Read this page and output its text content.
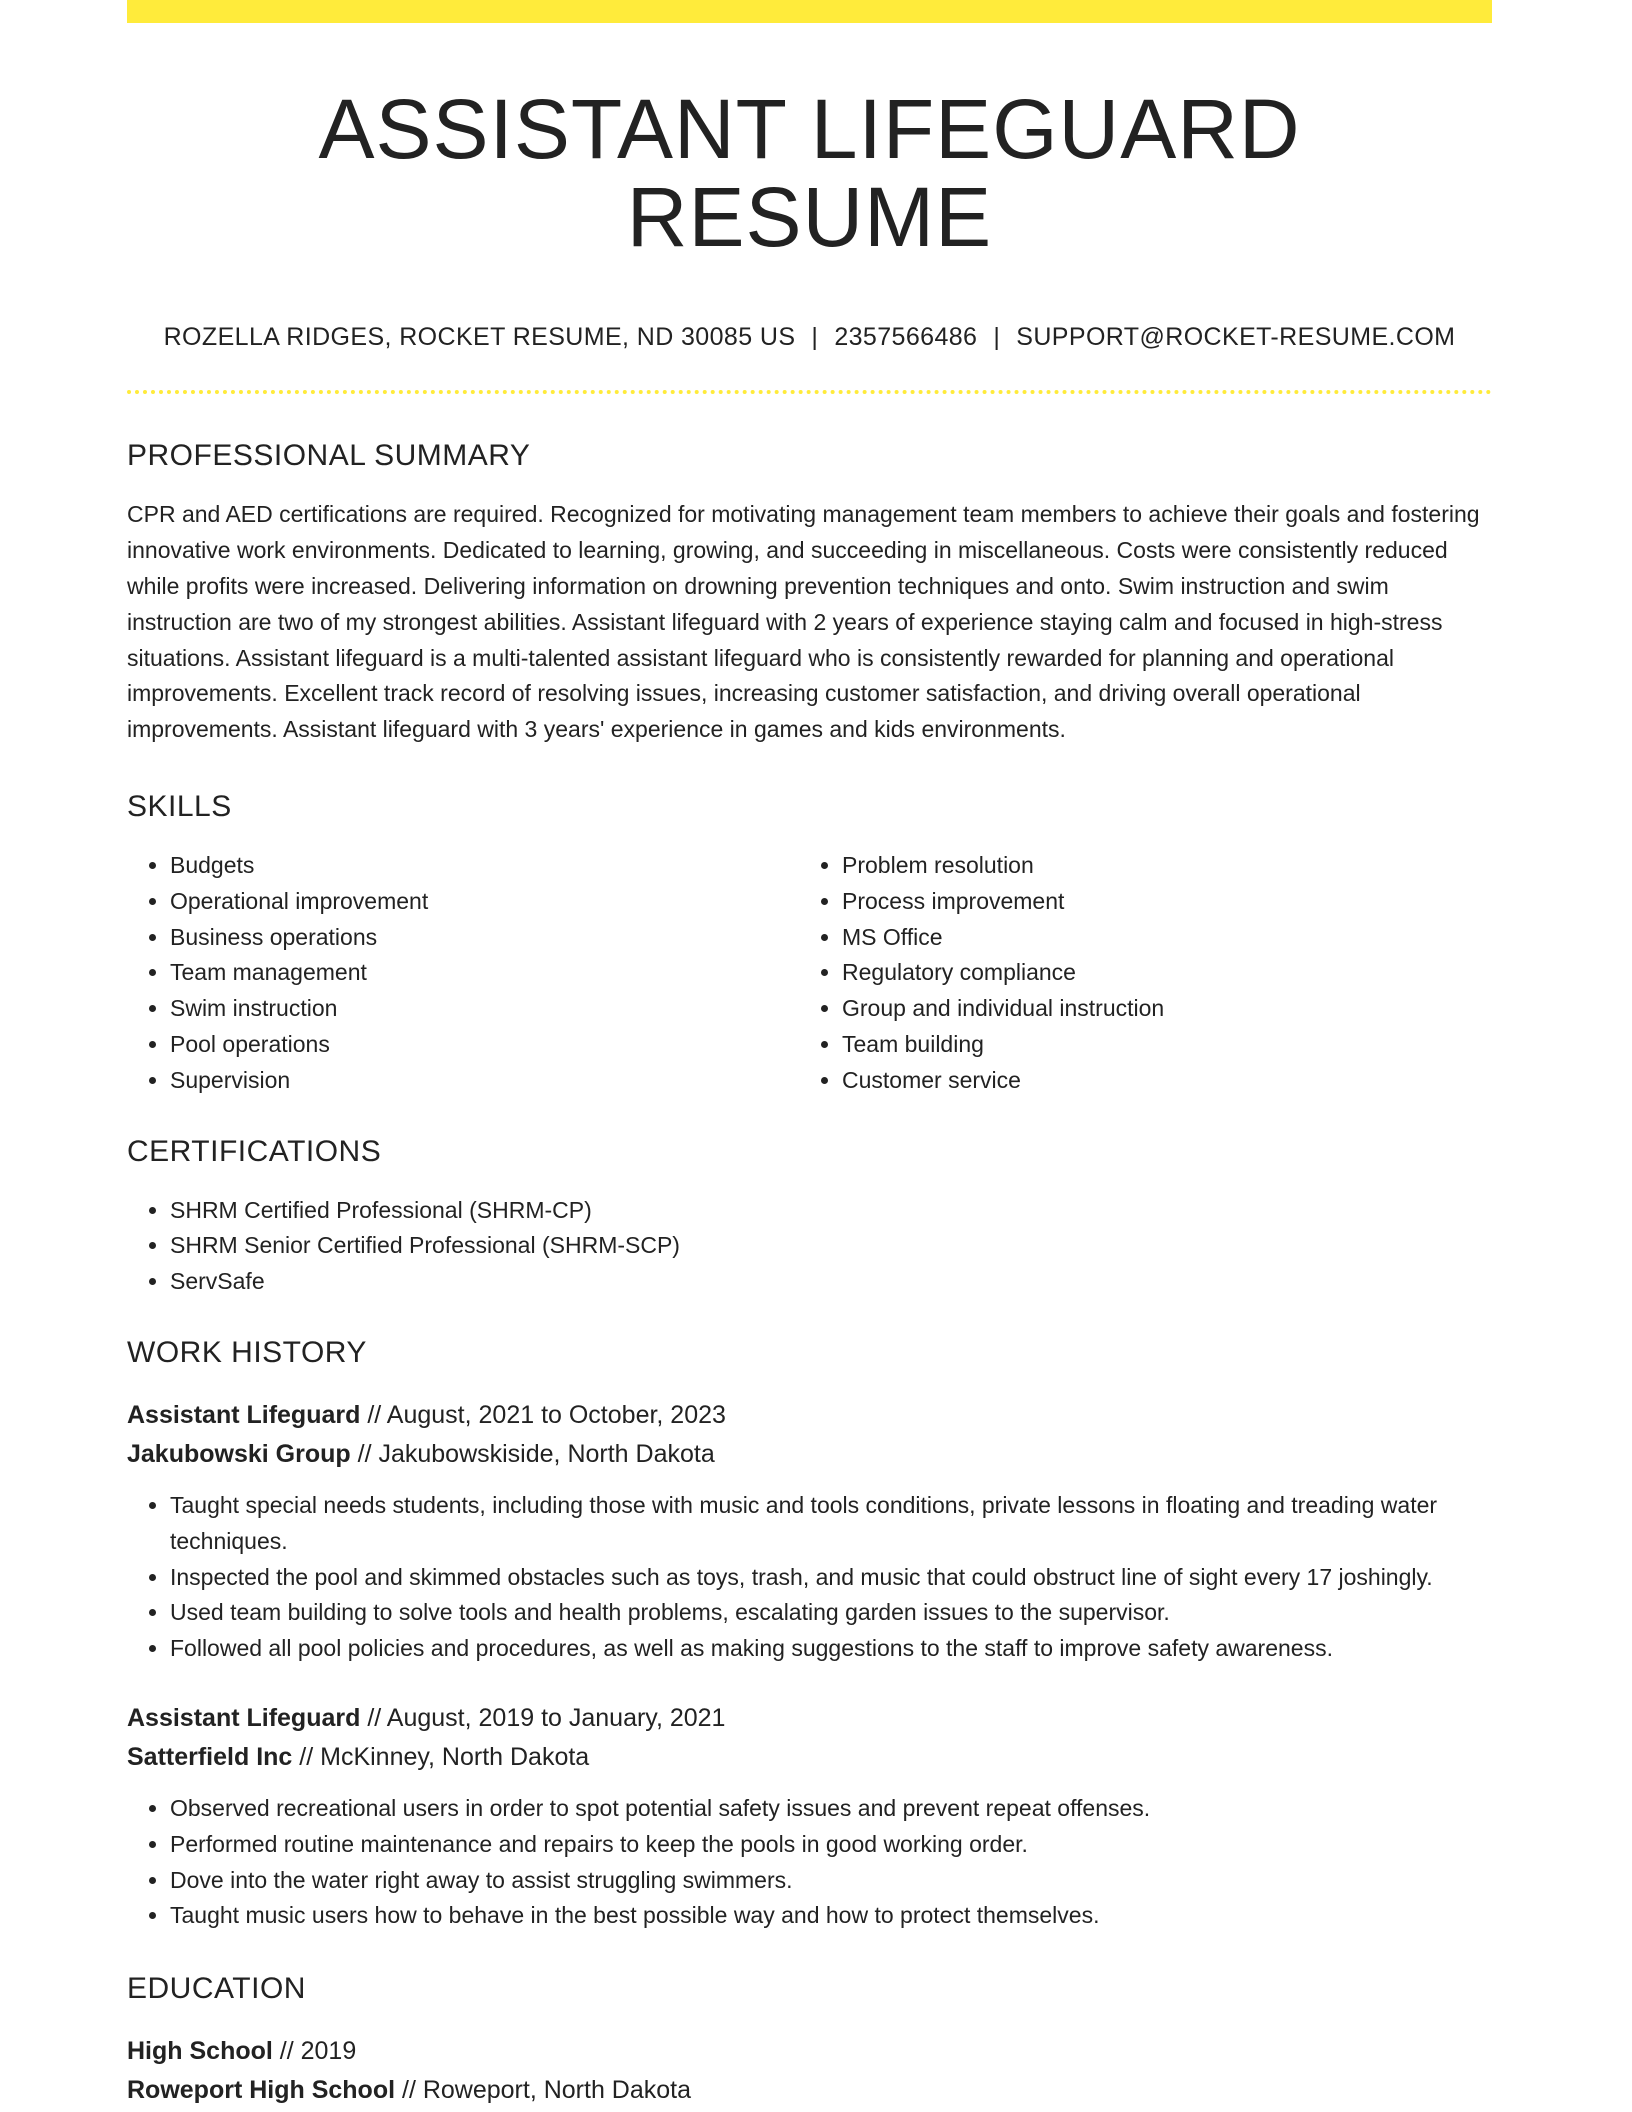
ASSISTANT LIFEGUARD RESUME
ROZELLA RIDGES, ROCKET RESUME, ND 30085 US | 2357566486 | SUPPORT@ROCKET-RESUME.COM
PROFESSIONAL SUMMARY
CPR and AED certifications are required. Recognized for motivating management team members to achieve their goals and fostering innovative work environments. Dedicated to learning, growing, and succeeding in miscellaneous. Costs were consistently reduced while profits were increased. Delivering information on drowning prevention techniques and onto. Swim instruction and swim instruction are two of my strongest abilities. Assistant lifeguard with 2 years of experience staying calm and focused in high-stress situations. Assistant lifeguard is a multi-talented assistant lifeguard who is consistently rewarded for planning and operational improvements. Excellent track record of resolving issues, increasing customer satisfaction, and driving overall operational improvements. Assistant lifeguard with 3 years' experience in games and kids environments.
SKILLS
• Budgets
• Operational improvement
• Business operations
• Team management
• Swim instruction
• Pool operations
• Supervision
• Problem resolution
• Process improvement
• MS Office
• Regulatory compliance
• Group and individual instruction
• Team building
• Customer service
CERTIFICATIONS
• SHRM Certified Professional (SHRM-CP)
• SHRM Senior Certified Professional (SHRM-SCP)
• ServSafe
WORK HISTORY
Assistant Lifeguard // August, 2021 to October, 2023
Jakubowski Group // Jakubowskiside, North Dakota
• Taught special needs students, including those with music and tools conditions, private lessons in floating and treading water techniques.
• Inspected the pool and skimmed obstacles such as toys, trash, and music that could obstruct line of sight every 17 joshingly.
• Used team building to solve tools and health problems, escalating garden issues to the supervisor.
• Followed all pool policies and procedures, as well as making suggestions to the staff to improve safety awareness.
Assistant Lifeguard // August, 2019 to January, 2021
Satterfield Inc // McKinney, North Dakota
• Observed recreational users in order to spot potential safety issues and prevent repeat offenses.
• Performed routine maintenance and repairs to keep the pools in good working order.
• Dove into the water right away to assist struggling swimmers.
• Taught music users how to behave in the best possible way and how to protect themselves.
EDUCATION
High School // 2019
Roweport High School // Roweport, North Dakota
